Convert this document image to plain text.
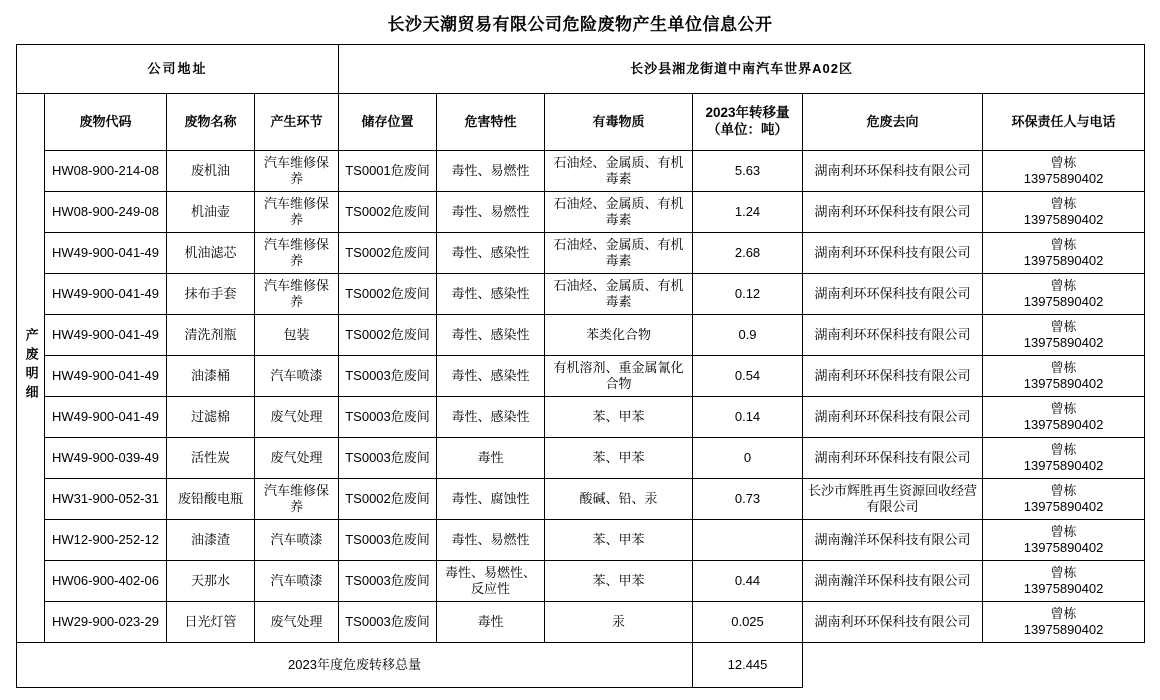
长沙天潮贸易有限公司危险废物产生单位信息公开
公司地址				长沙县湘龙街道中南汽车世界A02区					
产废明细	废物代码	废物名称	产生环节	储存位置	危害特性	有毒物质	2023年转移量
（单位：吨）	危废去向	环保责任人与电话
	HW08-900-214-08	废机油	汽车维修保养	TS0001危废间	毒性、易燃性	石油烃、金属质、有机毒素	5.63	湖南利环环保科技有限公司	曾栋
13975890402

	HW08-900-249-08	机油壶	汽车维修保养	TS0002危废间	毒性、易燃性	石油烃、金属质、有机毒素	1.24	湖南利环环保科技有限公司	曾栋
13975890402

	HW49-900-041-49	机油滤芯	汽车维修保养	TS0002危废间	毒性、感染性	石油烃、金属质、有机毒素	2.68	湖南利环环保科技有限公司	曾栋
13975890402

	HW49-900-041-49	抹布手套	汽车维修保养	TS0002危废间	毒性、感染性	石油烃、金属质、有机毒素	0.12	湖南利环环保科技有限公司	曾栋
13975890402

	HW49-900-041-49	清洗剂瓶	包装	TS0002危废间	毒性、感染性	苯类化合物	0.9	湖南利环环保科技有限公司	曾栋
13975890402

	HW49-900-041-49	油漆桶	汽车喷漆	TS0003危废间	毒性、感染性	有机溶剂、重金属氰化合物	0.54	湖南利环环保科技有限公司	曾栋
13975890402

	HW49-900-041-49	过滤棉	废气处理	TS0003危废间	毒性、感染性	苯、甲苯	0.14	湖南利环环保科技有限公司	曾栋
13975890402

	HW49-900-039-49	活性炭	废气处理	TS0003危废间	毒性	苯、甲苯	0	湖南利环环保科技有限公司	曾栋
13975890402

	HW31-900-052-31	废铅酸电瓶	汽车维修保养	TS0002危废间	毒性、腐蚀性	酸碱、铅、汞	0.73	长沙市辉胜再生资源回收经营有限公司	曾栋
13975890402

	HW12-900-252-12	油漆渣	汽车喷漆	TS0003危废间	毒性、易燃性	苯、甲苯		湖南瀚洋环保科技有限公司	曾栋
13975890402

	HW06-900-402-06	天那水	汽车喷漆	TS0003危废间	毒性、易燃性、反应性	苯、甲苯	0.44	湖南瀚洋环保科技有限公司	曾栋
13975890402

	HW29-900-023-29	日光灯管	废气处理	TS0003危废间	毒性	汞	0.025	湖南利环环保科技有限公司	曾栋
13975890402

2023年度危废转移总量							12.445		
